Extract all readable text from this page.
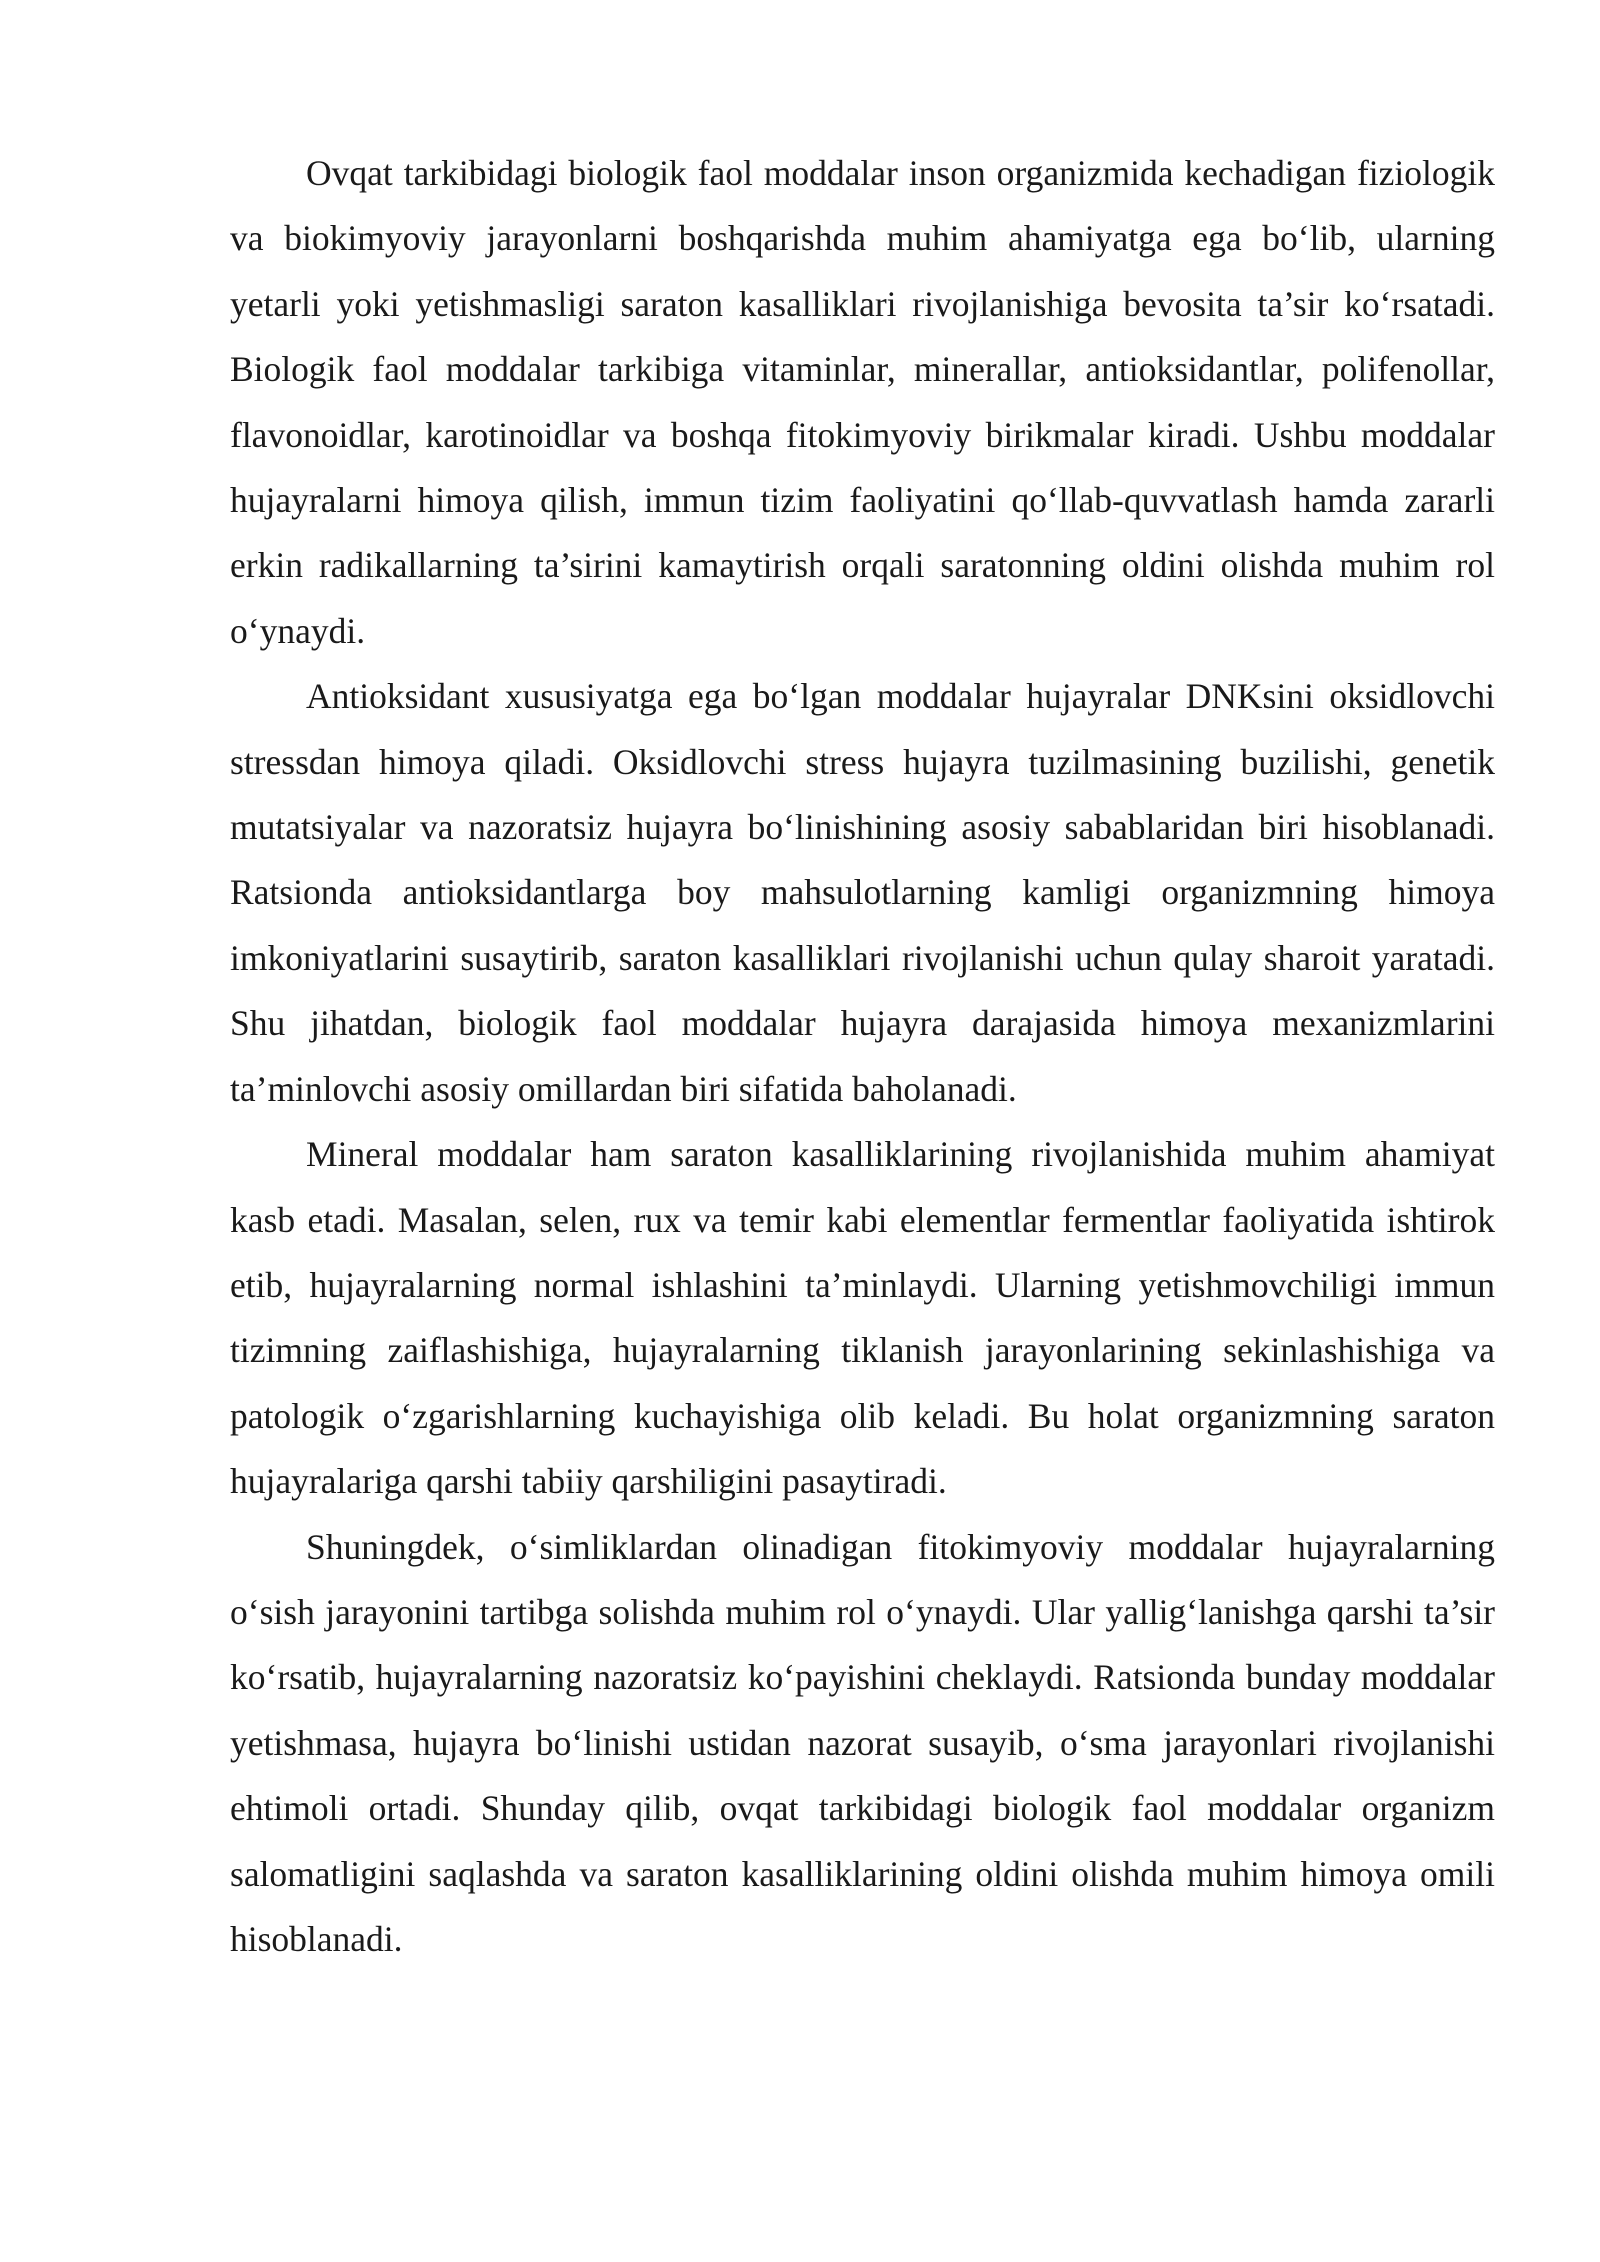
Ovqat tarkibidagi biologik faol moddalar inson organizmida kechadigan fiziologik va biokimyoviy jarayonlarni boshqarishda muhim ahamiyatga ega bo‘lib, ularning yetarli yoki yetishmasligi saraton kasalliklari rivojlanishiga bevosita ta’sir ko‘rsatadi. Biologik faol moddalar tarkibiga vitaminlar, minerallar, antioksidantlar, polifenollar, flavonoidlar, karotinoidlar va boshqa fitokimyoviy birikmalar kiradi. Ushbu moddalar hujayralarni himoya qilish, immun tizim faoliyatini qo‘llab-quvvatlash hamda zararli erkin radikallarning ta’sirini kamaytirish orqali saratonning oldini olishda muhim rol o‘ynaydi.

Antioksidant xususiyatga ega bo‘lgan moddalar hujayralar DNKsini oksidlovchi stressdan himoya qiladi. Oksidlovchi stress hujayra tuzilmasining buzilishi, genetik mutatsiyalar va nazoratsiz hujayra bo‘linishining asosiy sabablaridan biri hisoblanadi. Ratsionda antioksidantlarga boy mahsulotlarning kamligi organizmning himoya imkoniyatlarini susaytirib, saraton kasalliklari rivojlanishi uchun qulay sharoit yaratadi. Shu jihatdan, biologik faol moddalar hujayra darajasida himoya mexanizmlarini ta’minlovchi asosiy omillardan biri sifatida baholanadi.

Mineral moddalar ham saraton kasalliklarining rivojlanishida muhim ahamiyat kasb etadi. Masalan, selen, rux va temir kabi elementlar fermentlar faoliyatida ishtirok etib, hujayralarning normal ishlashini ta’minlaydi. Ularning yetishmovchiligi immun tizimning zaiflashishiga, hujayralarning tiklanish jarayonlarining sekinlashishiga va patologik o‘zgarishlarning kuchayishiga olib keladi. Bu holat organizmning saraton hujayralariga qarshi tabiiy qarshiligini pasaytiradi.

Shuningdek, o‘simliklardan olinadigan fitokimyoviy moddalar hujayralarning o‘sish jarayonini tartibga solishda muhim rol o‘ynaydi. Ular yallig‘lanishga qarshi ta’sir ko‘rsatib, hujayralarning nazoratsiz ko‘payishini cheklaydi. Ratsionda bunday moddalar yetishmasa, hujayra bo‘linishi ustidan nazorat susayib, o‘sma jarayonlari rivojlanishi ehtimoli ortadi. Shunday qilib, ovqat tarkibidagi biologik faol moddalar organizm salomatligini saqlashda va saraton kasalliklarining oldini olishda muhim himoya omili hisoblanadi.
